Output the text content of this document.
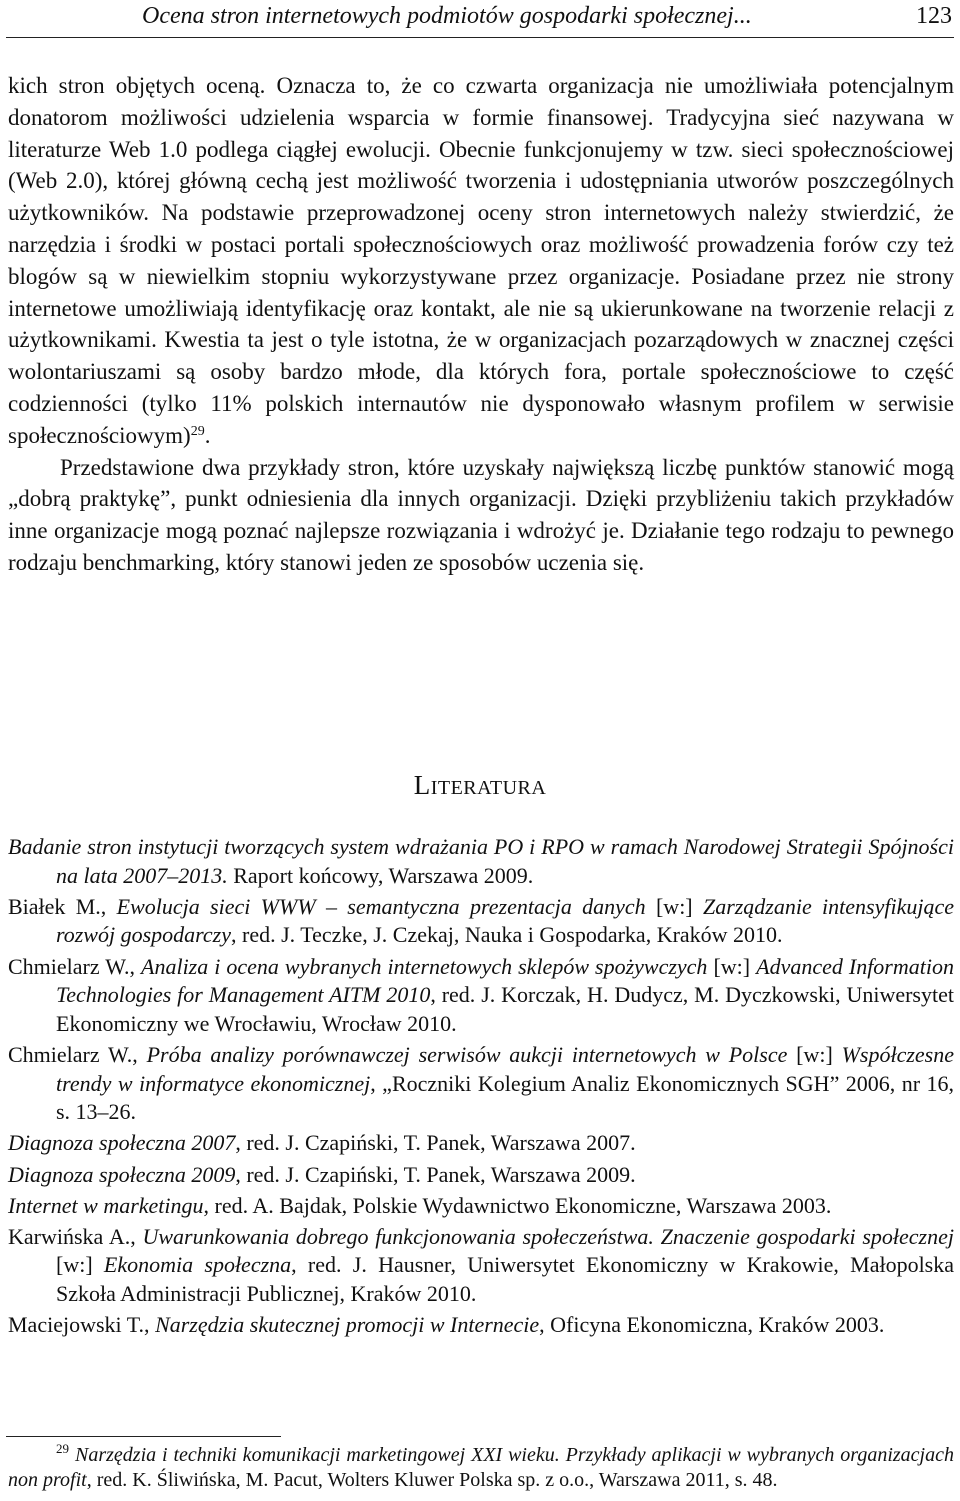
Ocena stron internetowych podmiotów gospodarki społecznej...	123

kich stron objętych oceną. Oznacza to, że co czwarta organizacja nie umożliwiała potencjalnym donatorom możliwości udzielenia wsparcia w formie finansowej. Tradycyjna sieć nazywana w literaturze Web 1.0 podlega ciągłej ewolucji. Obecnie funkcjonujemy w tzw. sieci społecznościowej (Web 2.0), której główną cechą jest możliwość tworzenia i udostępniania utworów poszczególnych użytkowników. Na podstawie przeprowadzonej oceny stron internetowych należy stwierdzić, że narzędzia i środki w postaci portali społecznościowych oraz możliwość prowadzenia forów czy też blogów są w niewielkim stopniu wykorzystywane przez organizacje. Posiadane przez nie strony internetowe umożliwiają identyfikację oraz kontakt, ale nie są ukierunkowane na tworzenie relacji z użytkownikami. Kwestia ta jest o tyle istotna, że w organizacjach pozarządowych w znacznej części wolontariuszami są osoby bardzo młode, dla których fora, portale społecznościowe to część codzienności (tylko 11% polskich internautów nie dysponowało własnym profilem w serwisie społecznościowym)$^{29}$.

Przedstawione dwa przykłady stron, które uzyskały największą liczbę punktów stanowić mogą „dobrą praktykę”, punkt odniesienia dla innych organizacji. Dzięki przybliżeniu takich przykładów inne organizacje mogą poznać najlepsze rozwiązania i wdrożyć je. Działanie tego rodzaju to pewnego rodzaju benchmarking, który stanowi jeden ze sposobów uczenia się.

LITERATURA

Badanie stron instytucji tworzących system wdrażania PO i RPO w ramach Narodowej Strategii Spójności na lata 2007–2013. Raport końcowy, Warszawa 2009.

Białek M., Ewolucja sieci WWW – semantyczna prezentacja danych [w:] Zarządzanie intensyfikujące rozwój gospodarczy, red. J. Teczke, J. Czekaj, Nauka i Gospodarka, Kraków 2010.

Chmielarz W., Analiza i ocena wybranych internetowych sklepów spożywczych [w:] Advanced Information Technologies for Management AITM 2010, red. J. Korczak, H. Dudycz, M. Dyczkowski, Uniwersytet Ekonomiczny we Wrocławiu, Wrocław 2010.

Chmielarz W., Próba analizy porównawczej serwisów aukcji internetowych w Polsce [w:] Współczesne trendy w informatyce ekonomicznej, „Roczniki Kolegium Analiz Ekonomicznych SGH” 2006, nr 16, s. 13–26.

Diagnoza społeczna 2007, red. J. Czapiński, T. Panek, Warszawa 2007.

Diagnoza społeczna 2009, red. J. Czapiński, T. Panek, Warszawa 2009.

Internet w marketingu, red. A. Bajdak, Polskie Wydawnictwo Ekonomiczne, Warszawa 2003.

Karwińska A., Uwarunkowania dobrego funkcjonowania społeczeństwa. Znaczenie gospodarki społecznej [w:] Ekonomia społeczna, red. J. Hausner, Uniwersytet Ekonomiczny w Krakowie, Małopolska Szkoła Administracji Publicznej, Kraków 2010.

Maciejowski T., Narzędzia skutecznej promocji w Internecie, Oficyna Ekonomiczna, Kraków 2003.

$^{29}$ Narzędzia i techniki komunikacji marketingowej XXI wieku. Przykłady aplikacji w wybranych organizacjach non profit, red. K. Śliwińska, M. Pacut, Wolters Kluwer Polska sp. z o.o., Warszawa 2011, s. 48.
